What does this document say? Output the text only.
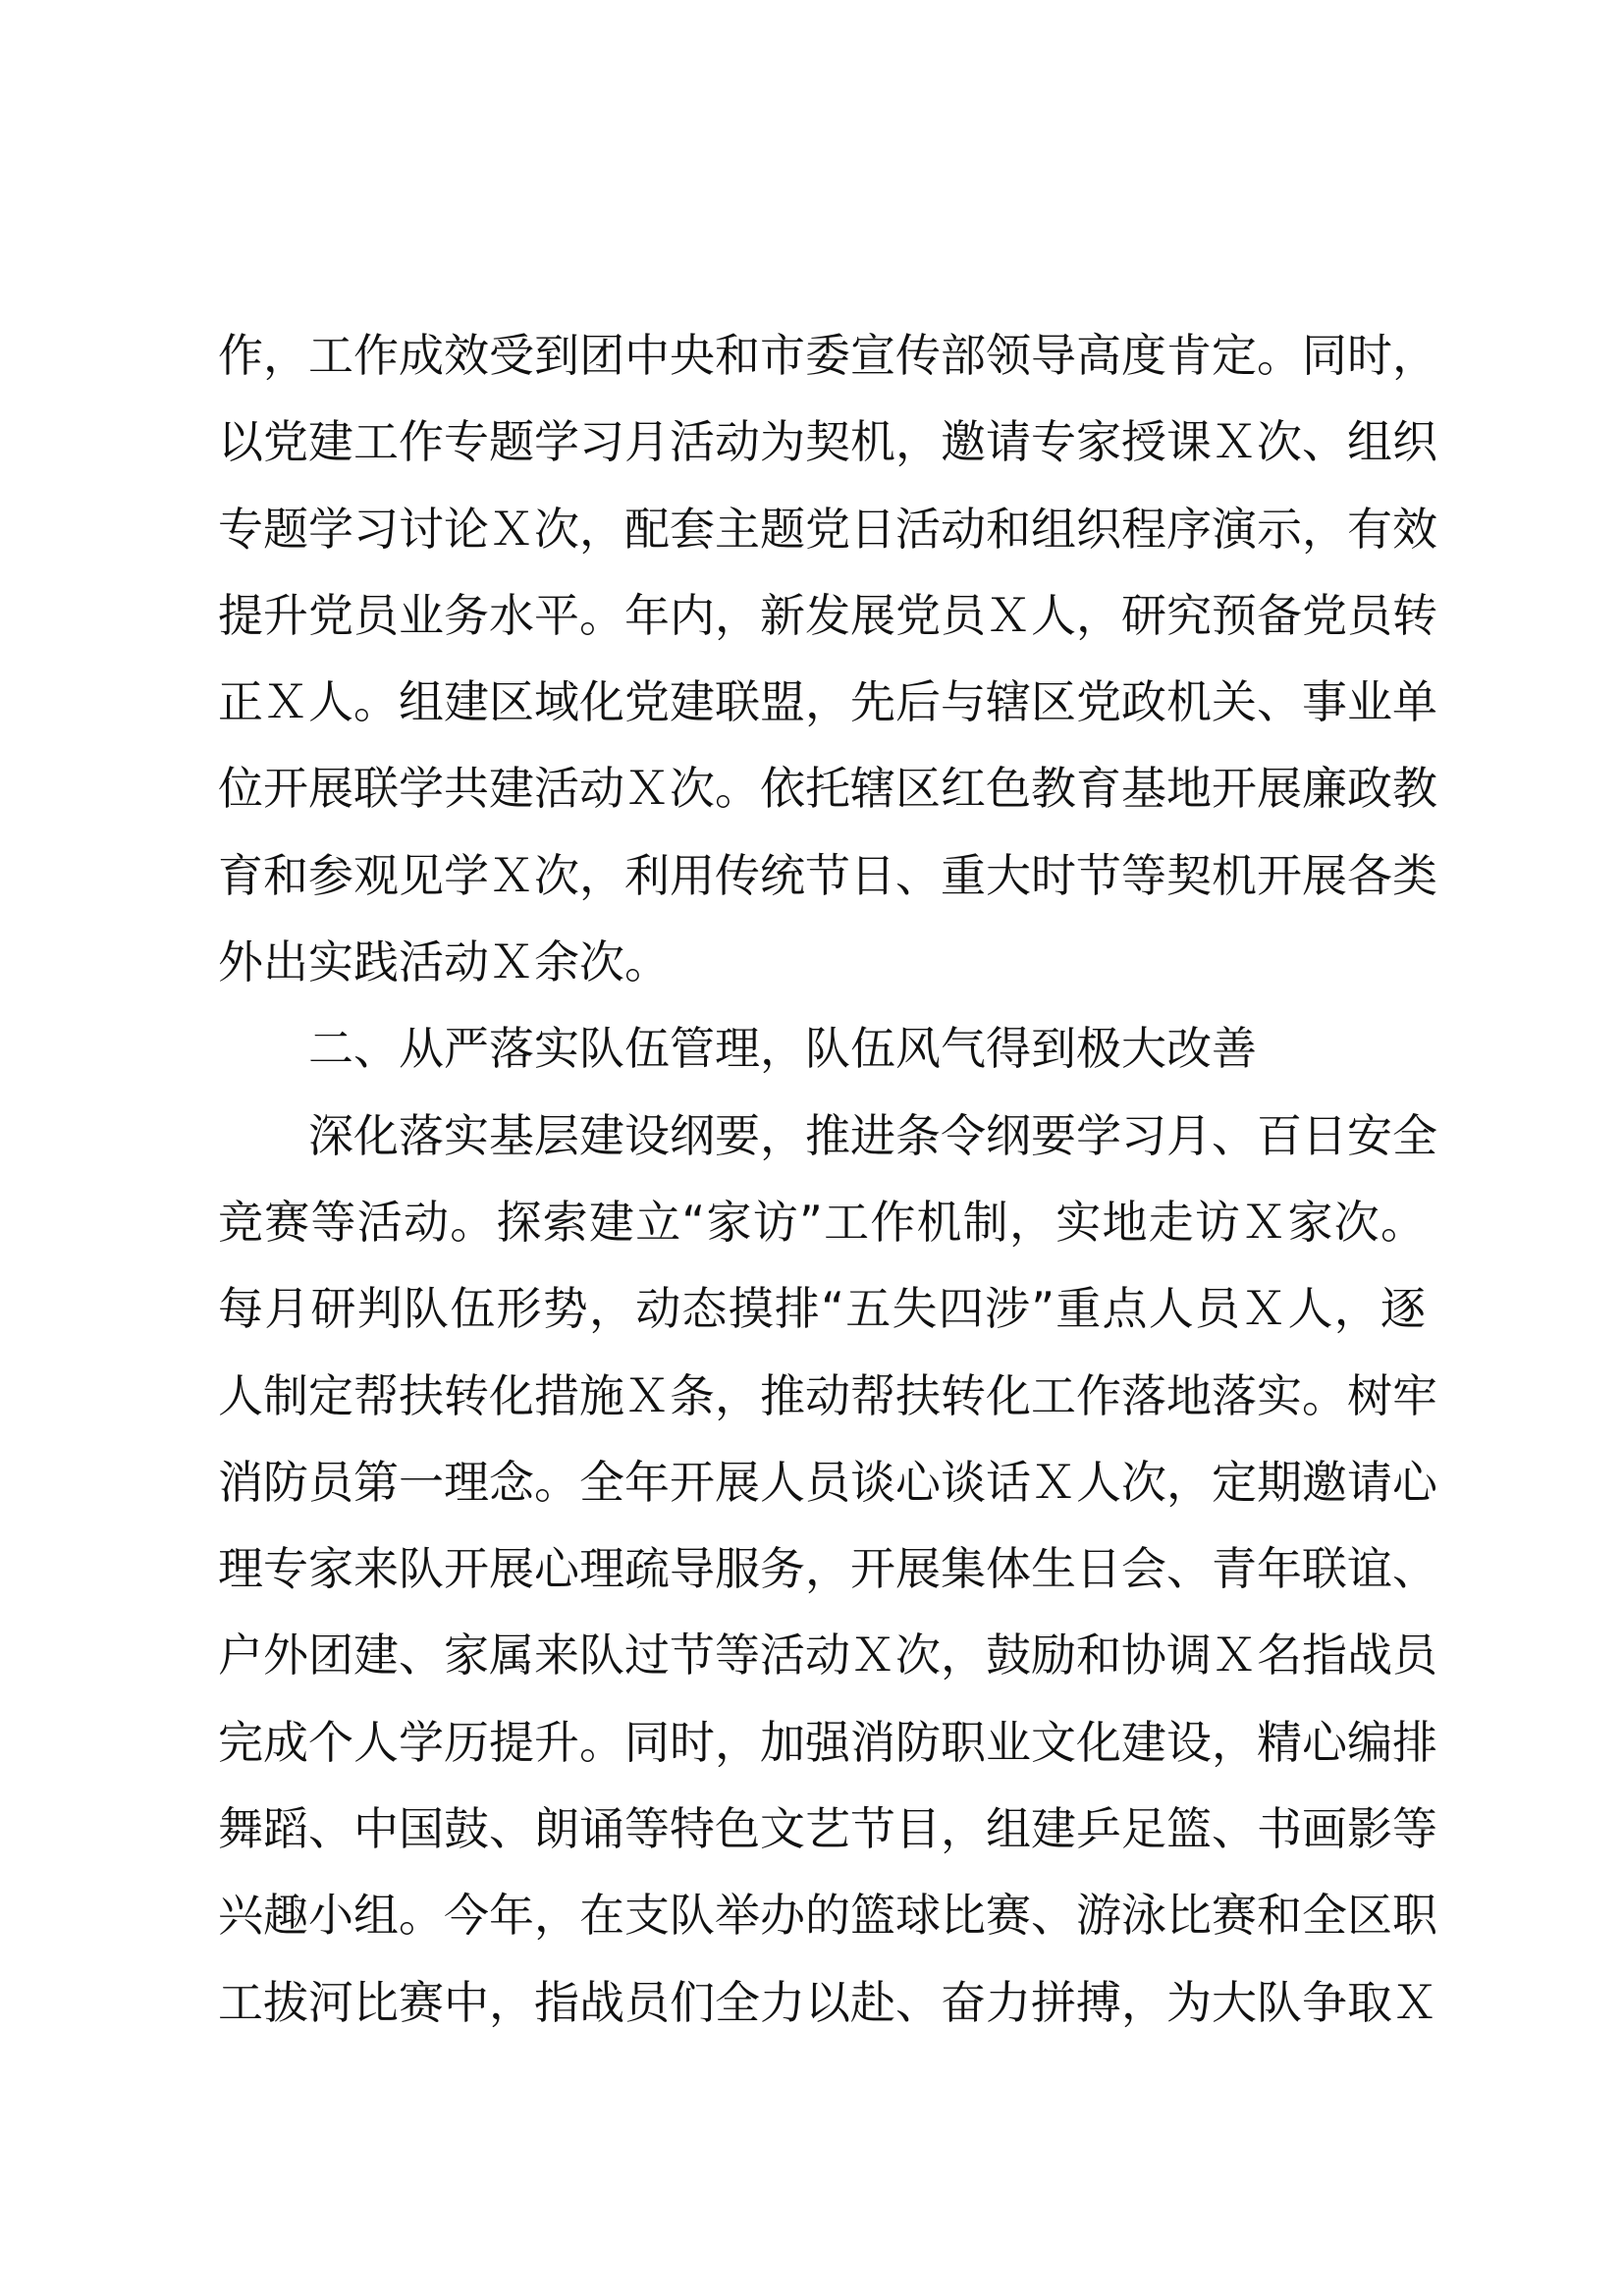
作，工作成效受到团中央和市委宣传部领导高度肯定。同时，
以党建工作专题学习月活动为契机，邀请专家授课Ｘ次、组织
专题学习讨论Ｘ次，配套主题党日活动和组织程序演示，有效
提升党员业务水平。年内，新发展党员Ｘ人，研究预备党员转
正Ｘ人。组建区域化党建联盟，先后与辖区党政机关、事业单
位开展联学共建活动Ｘ次。依托辖区红色教育基地开展廉政教
育和参观见学Ｘ次，利用传统节日、重大时节等契机开展各类
外出实践活动Ｘ余次。
二、从严落实队伍管理，队伍风气得到极大改善
深化落实基层建设纲要，推进条令纲要学习月、百日安全
竞赛等活动。探索建立“家访”工作机制，实地走访Ｘ家次。
每月研判队伍形势，动态摸排“五失四涉”重点人员Ｘ人，逐
人制定帮扶转化措施Ｘ条，推动帮扶转化工作落地落实。树牢
消防员第一理念。全年开展人员谈心谈话Ｘ人次，定期邀请心
理专家来队开展心理疏导服务，开展集体生日会、青年联谊、
户外团建、家属来队过节等活动Ｘ次，鼓励和协调Ｘ名指战员
完成个人学历提升。同时，加强消防职业文化建设，精心编排
舞蹈、中国鼓、朗诵等特色文艺节目，组建乒足篮、书画影等
兴趣小组。今年，在支队举办的篮球比赛、游泳比赛和全区职
工拔河比赛中，指战员们全力以赴、奋力拼搏，为大队争取Ｘ
